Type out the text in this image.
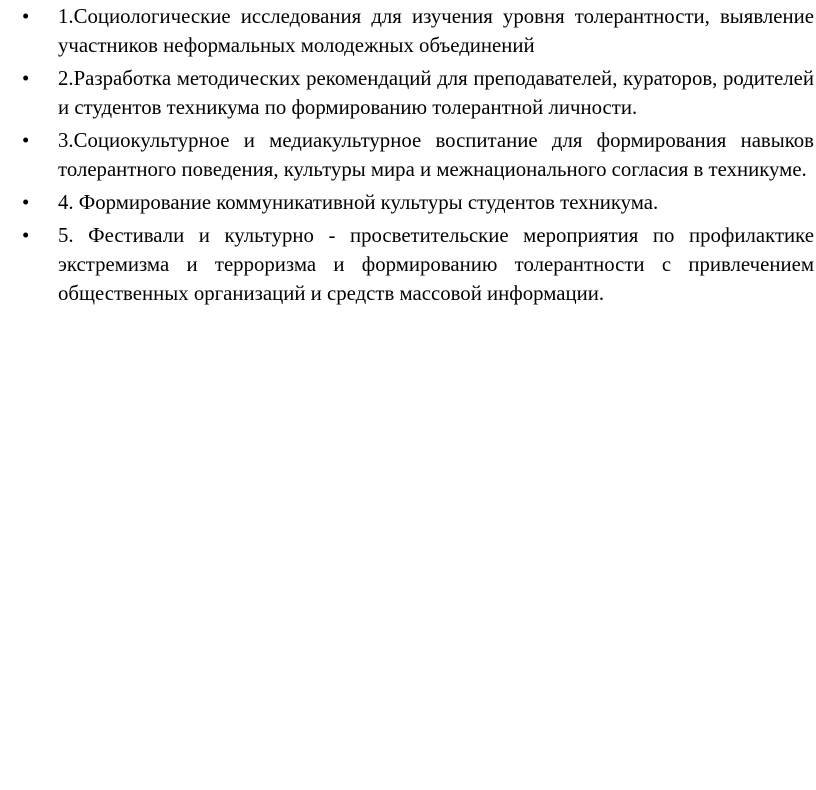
•	1.Социологические исследования для изучения уровня толерантности, выявление участников неформальных молодежных объединений
•	2.Разработка методических рекомендаций для преподавателей, кураторов, родителей и студентов техникума по формированию толерантной личности.
•	3.Социокультурное и медиакультурное воспитание для формирования навыков толерантного поведения, культуры мира и межнационального согласия в техникуме.
•	4. Формирование коммуникативной культуры студентов техникума.
•	5. Фестивали и культурно - просветительские мероприятия по профилактике экстремизма и терроризма и формированию толерантности с привлечением общественных организаций и средств массовой информации.
